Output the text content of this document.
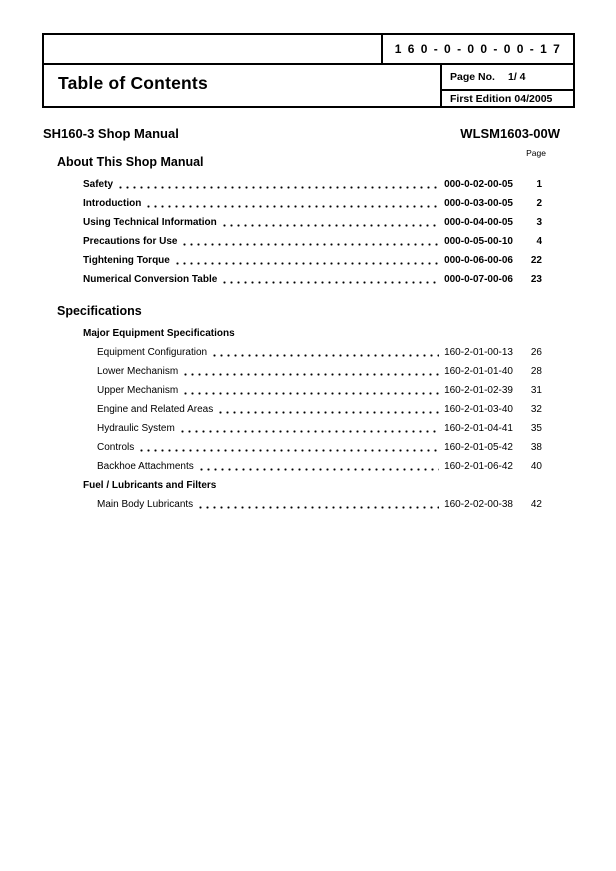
1 6 0 - 0 - 0 0 - 0 0 - 1 7
Table of Contents	Page No.	1/ 4
First Edition
: 04/2005
SH160-3 Shop Manual	WLSM1603-00W
Page
About This Shop Manual
Safety	000-0-02-00-05	1
Introduction	000-0-03-00-05	2
Using Technical Information	000-0-04-00-05	3
Precautions for Use	000-0-05-00-10	4
Tightening Torque	000-0-06-00-06	22
Numerical Conversion Table	000-0-07-00-06	23
Specifications
Major Equipment Specifications
Equipment Configuration	160-2-01-00-13	26
Lower Mechanism	160-2-01-01-40	28
Upper Mechanism	160-2-01-02-39	31
Engine and Related Areas	160-2-01-03-40	32
Hydraulic System	160-2-01-04-41	35
Controls	160-2-01-05-42	38
Backhoe Attachments	160-2-01-06-42	40
Fuel / Lubricants and Filters
Main Body Lubricants	160-2-02-00-38	42
